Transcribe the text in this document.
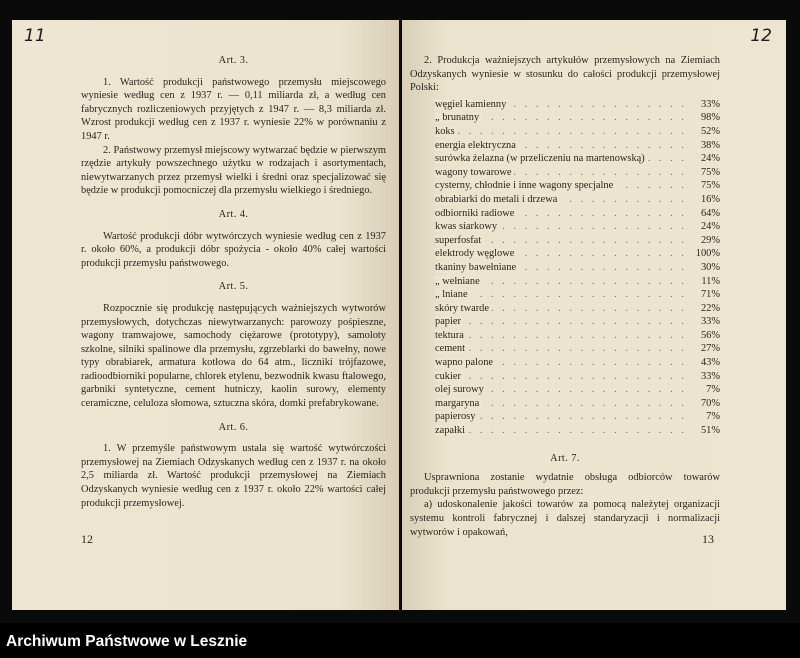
11
Art. 3.

1. Wartość produkcji państwowego przemysłu miejscowego wyniesie według cen z 1937 r. — 0,11 miliarda zł, a według cen fabrycznych rozliczeniowych przyjętych z 1947 r. — 8,3 miliarda zł. Wzrost produkcji według cen z 1937 r. wyniesie 22% w porównaniu z 1947 r.

2. Państwowy przemysł miejscowy wytwarzać będzie w pierwszym rzędzie artykuły powszechnego użytku w rodzajach i asortymentach, niewytwarzanych przez przemysł wielki i średni oraz specjalizować się będzie w produkcji pomocniczej dla przemysłu wielkiego i średniego.

Art. 4.

Wartość produkcji dóbr wytwórczych wyniesie według cen z 1937 r. około 60%, a produkcji dóbr spożycia - około 40% całej wartości produkcji przemysłu państwowego.

Art. 5.

Rozpocznie się produkcję następujących ważniejszych wytworów przemysłowych, dotychczas niewytwarzanych: parowozy pośpieszne, wagony tramwajowe, samochody ciężarowe (prototypy), samoloty szkolne, silniki spalinowe dla przemysłu, zgrzeblarki do bawełny, nowe typy obrabiarek, armatura kotłowa do 64 atm., liczniki trójfazowe, radioodbiorniki popularne, chlorek etylenu, bezwodnik kwasu ftalowego, garbniki syntetyczne, cement hutniczy, kaolin surowy, elementy ceramiczne, celuloza słomowa, sztuczna skóra, domki prefabrykowane.

Art. 6.

1. W przemyśle państwowym ustala się wartość wytwórczości przemysłowej na Ziemiach Odzyskanych według cen z 1937 r. na około 2,5 miliarda zł. Wartość produkcji przemysłowej na Ziemiach Odzyskanych wyniesie według cen z 1937 r. około 22% wartości całej produkcji przemysłowej.

12
12

2. Produkcja ważniejszych artykułów przemysłowych na Ziemiach Odzyskanych wyniesie w stosunku do całości produkcji przemysłowej Polski:

węgiel kamienny . . .	33%
„ brunatny . . .	98%
koks . . .	52%
energia elektryczna . . .	38%
surówka żelazna (w przeliczeniu na martenowską) . . .	24%
wagony towarowe . . .	75%
cysterny, chłodnie i inne wagony specjalne . . .	75%
obrabiarki do metali i drzewa . . .	16%
odbiorniki radiowe . . .	64%
kwas siarkowy . . .	24%
superfosfat . . .	29%
elektrody węglowe . . .	100%
tkaniny bawełniane . . .	30%
„ wełniane . . .	11%
„ lniane . . .	71%
skóry twarde . . .	22%
papier . . .	33%
tektura . . .	56%
cement . . .	27%
wapno palone . . .	43%
cukier . . .	33%
olej surowy . . .	7%
margaryna . . .	70%
papierosy . . .	7%
zapałki . . .	51%
Art. 7.

Usprawniona zostanie wydatnie obsługa odbiorców towarów produkcji przemysłu państwowego przez:

a) udoskonalenie jakości towarów za pomocą należytej organizacji systemu kontroli fabrycznej i dalszej standaryzacji i normalizacji wytworów i opakowań,	13
Archiwum Państwowe w Lesznie
